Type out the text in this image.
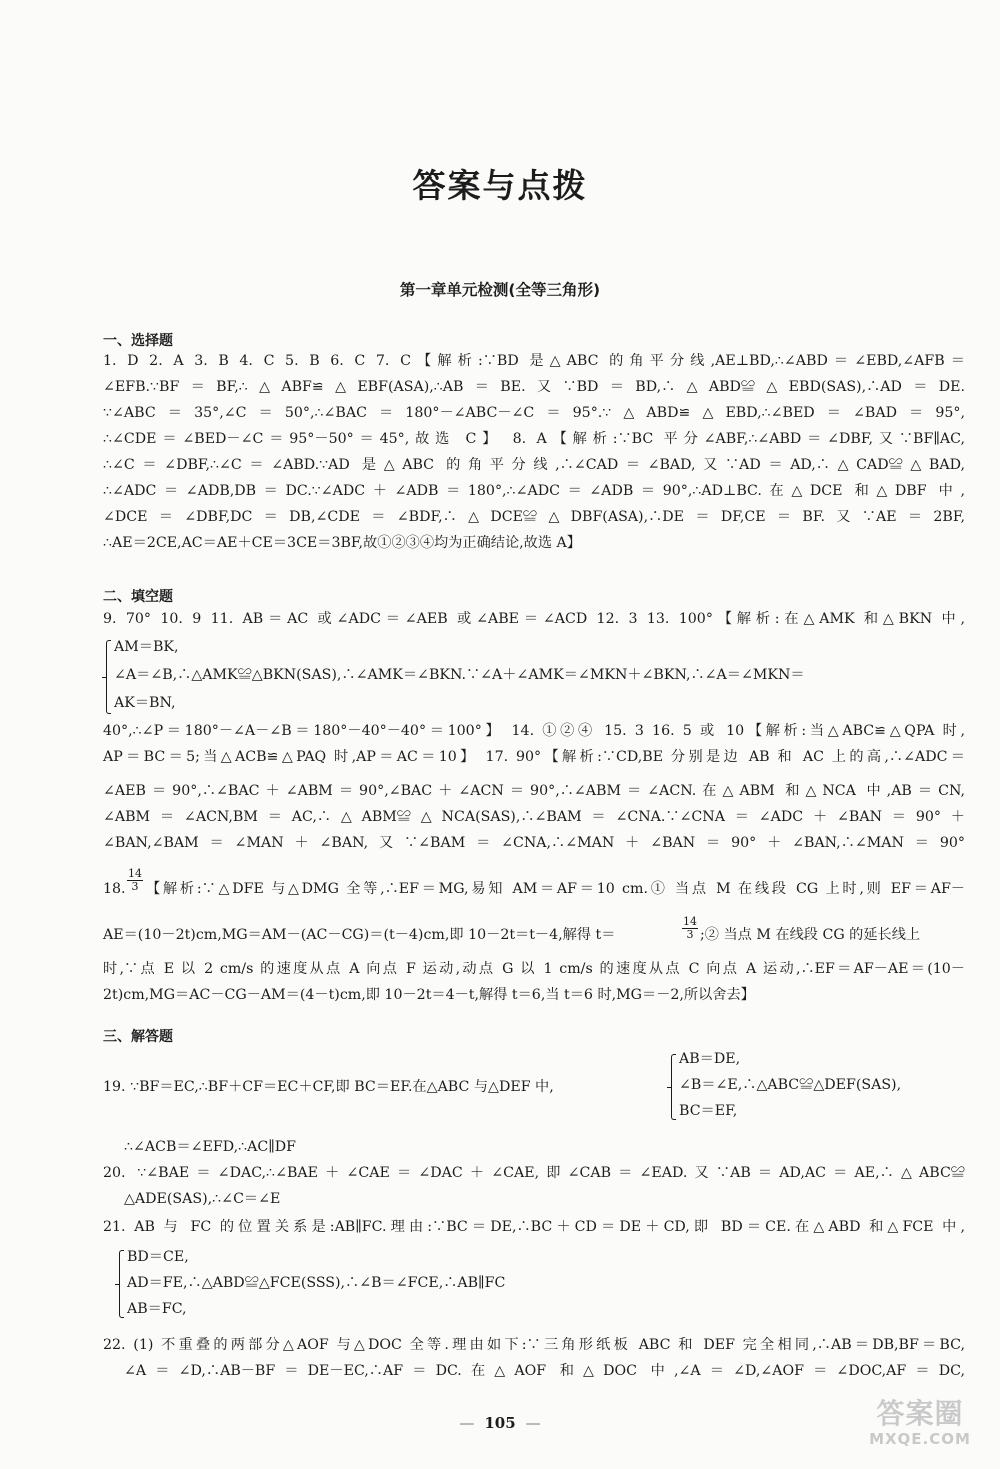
答案与点拨
第一章单元检测(全等三角形)
一、选择题
1. D 2. A 3. B 4. C 5. B 6. C 7. C【解析:∵BD 是△ABC 的角平分线,AE⊥BD,∴∠ABD＝∠EBD,∠AFB＝
∠EFB.∵BF＝BF,∴△ABF≌△EBF(ASA),∴AB＝BE.又∵BD＝BD,∴△ABD≌△EBD(SAS),∴AD＝DE.
∵∠ABC＝35°,∠C＝50°,∴∠BAC＝180°－∠ABC－∠C＝95°.∵△ABD≌△EBD,∴∠BED＝∠BAD＝95°,
∴∠CDE＝∠BED－∠C＝95°－50°＝45°,故选 C】 8. A【解析:∵BC 平分∠ABF,∴∠ABD＝∠DBF,又∵BF∥AC,
∴∠C＝∠DBF,∴∠C＝∠ABD.∵AD 是△ABC 的角平分线,∴∠CAD＝∠BAD,又∵AD＝AD,∴△CAD≌△BAD,
∴∠ADC＝∠ADB,DB＝DC.∵∠ADC＋∠ADB＝180°,∴∠ADC＝∠ADB＝90°,∴AD⊥BC.在△DCE 和△DBF 中,
∠DCE＝∠DBF,DC＝DB,∠CDE＝∠BDF,∴△DCE≌△DBF(ASA),∴DE＝DF,CE＝BF.又∵AE＝2BF,
∴AE＝2CE,AC＝AE＋CE＝3CE＝3BF,故①②③④均为正确结论,故选 A】
二、填空题
9. 70° 10. 9 11. AB＝AC 或∠ADC＝∠AEB 或∠ABE＝∠ACD 12. 3 13. 100°【解析:在△AMK 和△BKN 中,
AM＝BK,
∠A＝∠B,∴△AMK≌△BKN(SAS),∴∠AMK＝∠BKN.∵∠A＋∠AMK＝∠MKN＋∠BKN,∴∠A＝∠MKN＝
AK＝BN,
40°,∴∠P＝180°－∠A－∠B＝180°－40°－40°＝100°】 14. ①②④ 15. 3 16. 5 或 10【解析:当△ABC≌△QPA 时,
AP＝BC＝5;当△ACB≌△PAQ 时,AP＝AC＝10】 17. 90°【解析:∵CD,BE 分别是边 AB 和 AC 上的高,∴∠ADC＝
∠AEB＝90°,∴∠BAC＋∠ABM＝90°,∠BAC＋∠ACN＝90°,∴∠ABM＝∠ACN.在△ABM 和△NCA 中,AB＝CN,
∠ABM＝∠ACN,BM＝AC,∴△ABM≌△NCA(SAS),∴∠BAM＝∠CNA.∵∠CNA＝∠ADC＋∠BAN＝90°＋
∠BAN,∠BAM＝∠MAN＋∠BAN,又∵∠BAM＝∠CNA,∴∠MAN＋∠BAN＝90°＋∠BAN,∴∠MAN＝90°
18. $\frac{14}{3}$ 【解析:∵△DFE 与△DMG 全等,∴EF＝MG,易知 AM＝AF＝10 cm.① 当点 M 在线段 CG 上时,则 EF＝AF－
AE＝(10－2t)cm,MG＝AM－(AC－CG)＝(t－4)cm,即 10－2t＝t－4,解得 t＝	$\frac{14}{3}$ ;② 当点 M 在线段 CG 的延长线上
时,∵点 E 以 2 cm/s 的速度从点 A 向点 F 运动,动点 G 以 1 cm/s 的速度从点 C 向点 A 运动,∴EF＝AF－AE＝(10－
2t)cm,MG＝AC－CG－AM＝(4－t)cm,即 10－2t＝4－t,解得 t＝6,当 t＝6 时,MG＝－2,所以舍去】
三、解答题
AB＝DE,
19. ∵BF＝EC,∴BF＋CF＝EC＋CF,即 BC＝EF.在△ABC 与△DEF 中,	∠B＝∠E,∴△ABC≌△DEF(SAS),
BC＝EF,
∴∠ACB＝∠EFD,∴AC∥DF
20. ∵∠BAE＝∠DAC,∴∠BAE＋∠CAE＝∠DAC＋∠CAE,即∠CAB＝∠EAD.又∵AB＝AD,AC＝AE,∴△ABC≌
△ADE(SAS),∴∠C＝∠E
21. AB 与 FC 的位置关系是:AB∥FC.理由:∵BC＝DE,∴BC＋CD＝DE＋CD,即 BD＝CE.在△ABD 和△FCE 中,
BD＝CE,
AD＝FE,∴△ABD≌△FCE(SSS),∴∠B＝∠FCE,∴AB∥FC
AB＝FC,
22. (1) 不重叠的两部分△AOF 与△DOC 全等.理由如下:∵三角形纸板 ABC 和 DEF 完全相同,∴AB＝DB,BF＝BC,
∠A＝∠D,∴AB－BF＝DE－EC,∴AF＝DC.在△AOF 和△DOC 中,∠A＝∠D,∠AOF＝∠DOC,AF＝DC,
— 105 —	答案圈
MXQE.COM
